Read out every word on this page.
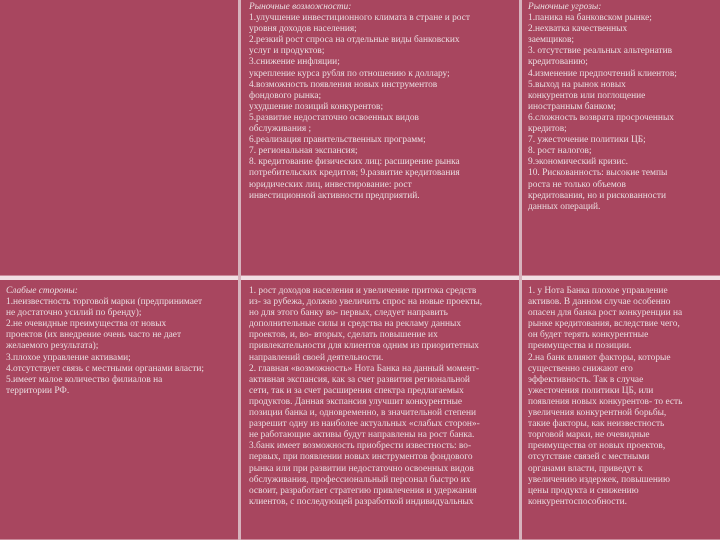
Рыночные возможности:
1.улучшение инвестиционного климата в стране и рост
уровня доходов населения;
2.резкий рост спроса на отдельные виды банковских
услуг и продуктов;
3.снижение инфляции;
укрепление курса рубля по отношению к доллару;
4.возможность появления новых инструментов
фондового рынка;
ухудшение позиций конкурентов;
5.развитие недостаточно освоенных видов
обслуживания ;
6.реализация правительственных программ;
7. региональная экспансия;
8. кредитование физических лиц: расширение рынка
потребительских кредитов; 9.развитие кредитования
юридических лиц, инвестирование: рост
инвестиционной активности предприятий.
Рыночные угрозы:
1.паника на банковском рынке;
2.нехватка качественных
заемщиков;
3. отсутствие реальных альтернатив
кредитованию;
4.изменение предпочтений клиентов;
5.выход на рынок новых
конкурентов или поглощение
иностранным банком;
6.сложность возврата просроченных
кредитов;
7. ужесточение политики ЦБ;
8. рост налогов;
9.экономический кризис.
10. Рискованность: высокие темпы
роста не только объемов
кредитования, но и рискованности
данных операций.
Слабые стороны:
1.неизвестность торговой марки (предпринимает
не достаточно усилий по бренду);
2.не очевидные преимущества от новых
проектов (их внедрение очень часто не дает
желаемого результата);
3.плохое управление активами;
4.отсутствует связь с местными органами власти;
5.имеет малое количество филиалов на
территории РФ.
1. рост доходов населения и увеличение притока средств
из- за рубежа, должно увеличить спрос на новые проекты,
но для этого банку во- первых, следует направить
дополнительные силы и средства на рекламу данных
проектов, и, во- вторых, сделать повышение их
привлекательности для клиентов одним из приоритетных
направлений своей деятельности.
2. главная «возможность» Нота Банка на данный момент-
активная экспансия, как за счет развития региональной
сети, так и за счет расширения спектра предлагаемых
продуктов. Данная экспансия улучшит конкурентные
позиции банка и, одновременно, в значительной степени
разрешит одну из наиболее актуальных «слабых сторон»-
не работающие активы будут направлены на рост банка.
3.банк имеет возможность приобрести известность: во-
первых, при появлении новых инструментов фондового
рынка или при развитии недостаточно освоенных видов
обслуживания, профессиональный персонал быстро их
освоит, разработает стратегию привлечения и удержания
клиентов, с последующей разработкой индивидуальных
1. у Нота Банка плохое управление
активов. В данном случае особенно
опасен для банка рост конкуренции на
рынке кредитования, вследствие чего,
он будет терять конкурентные
преимущества и позиции.
2.на банк влияют факторы, которые
существенно снижают его
эффективность. Так в случае
ужесточения политики ЦБ, или
появления новых конкурентов- то есть
увеличения конкурентной борьбы,
такие факторы, как неизвестность
торговой марки, не очевидные
преимущества от новых проектов,
отсутствие связей с местными
органами власти, приведут к
увеличению издержек, повышению
цены продукта и снижению
конкурентоспособности.
